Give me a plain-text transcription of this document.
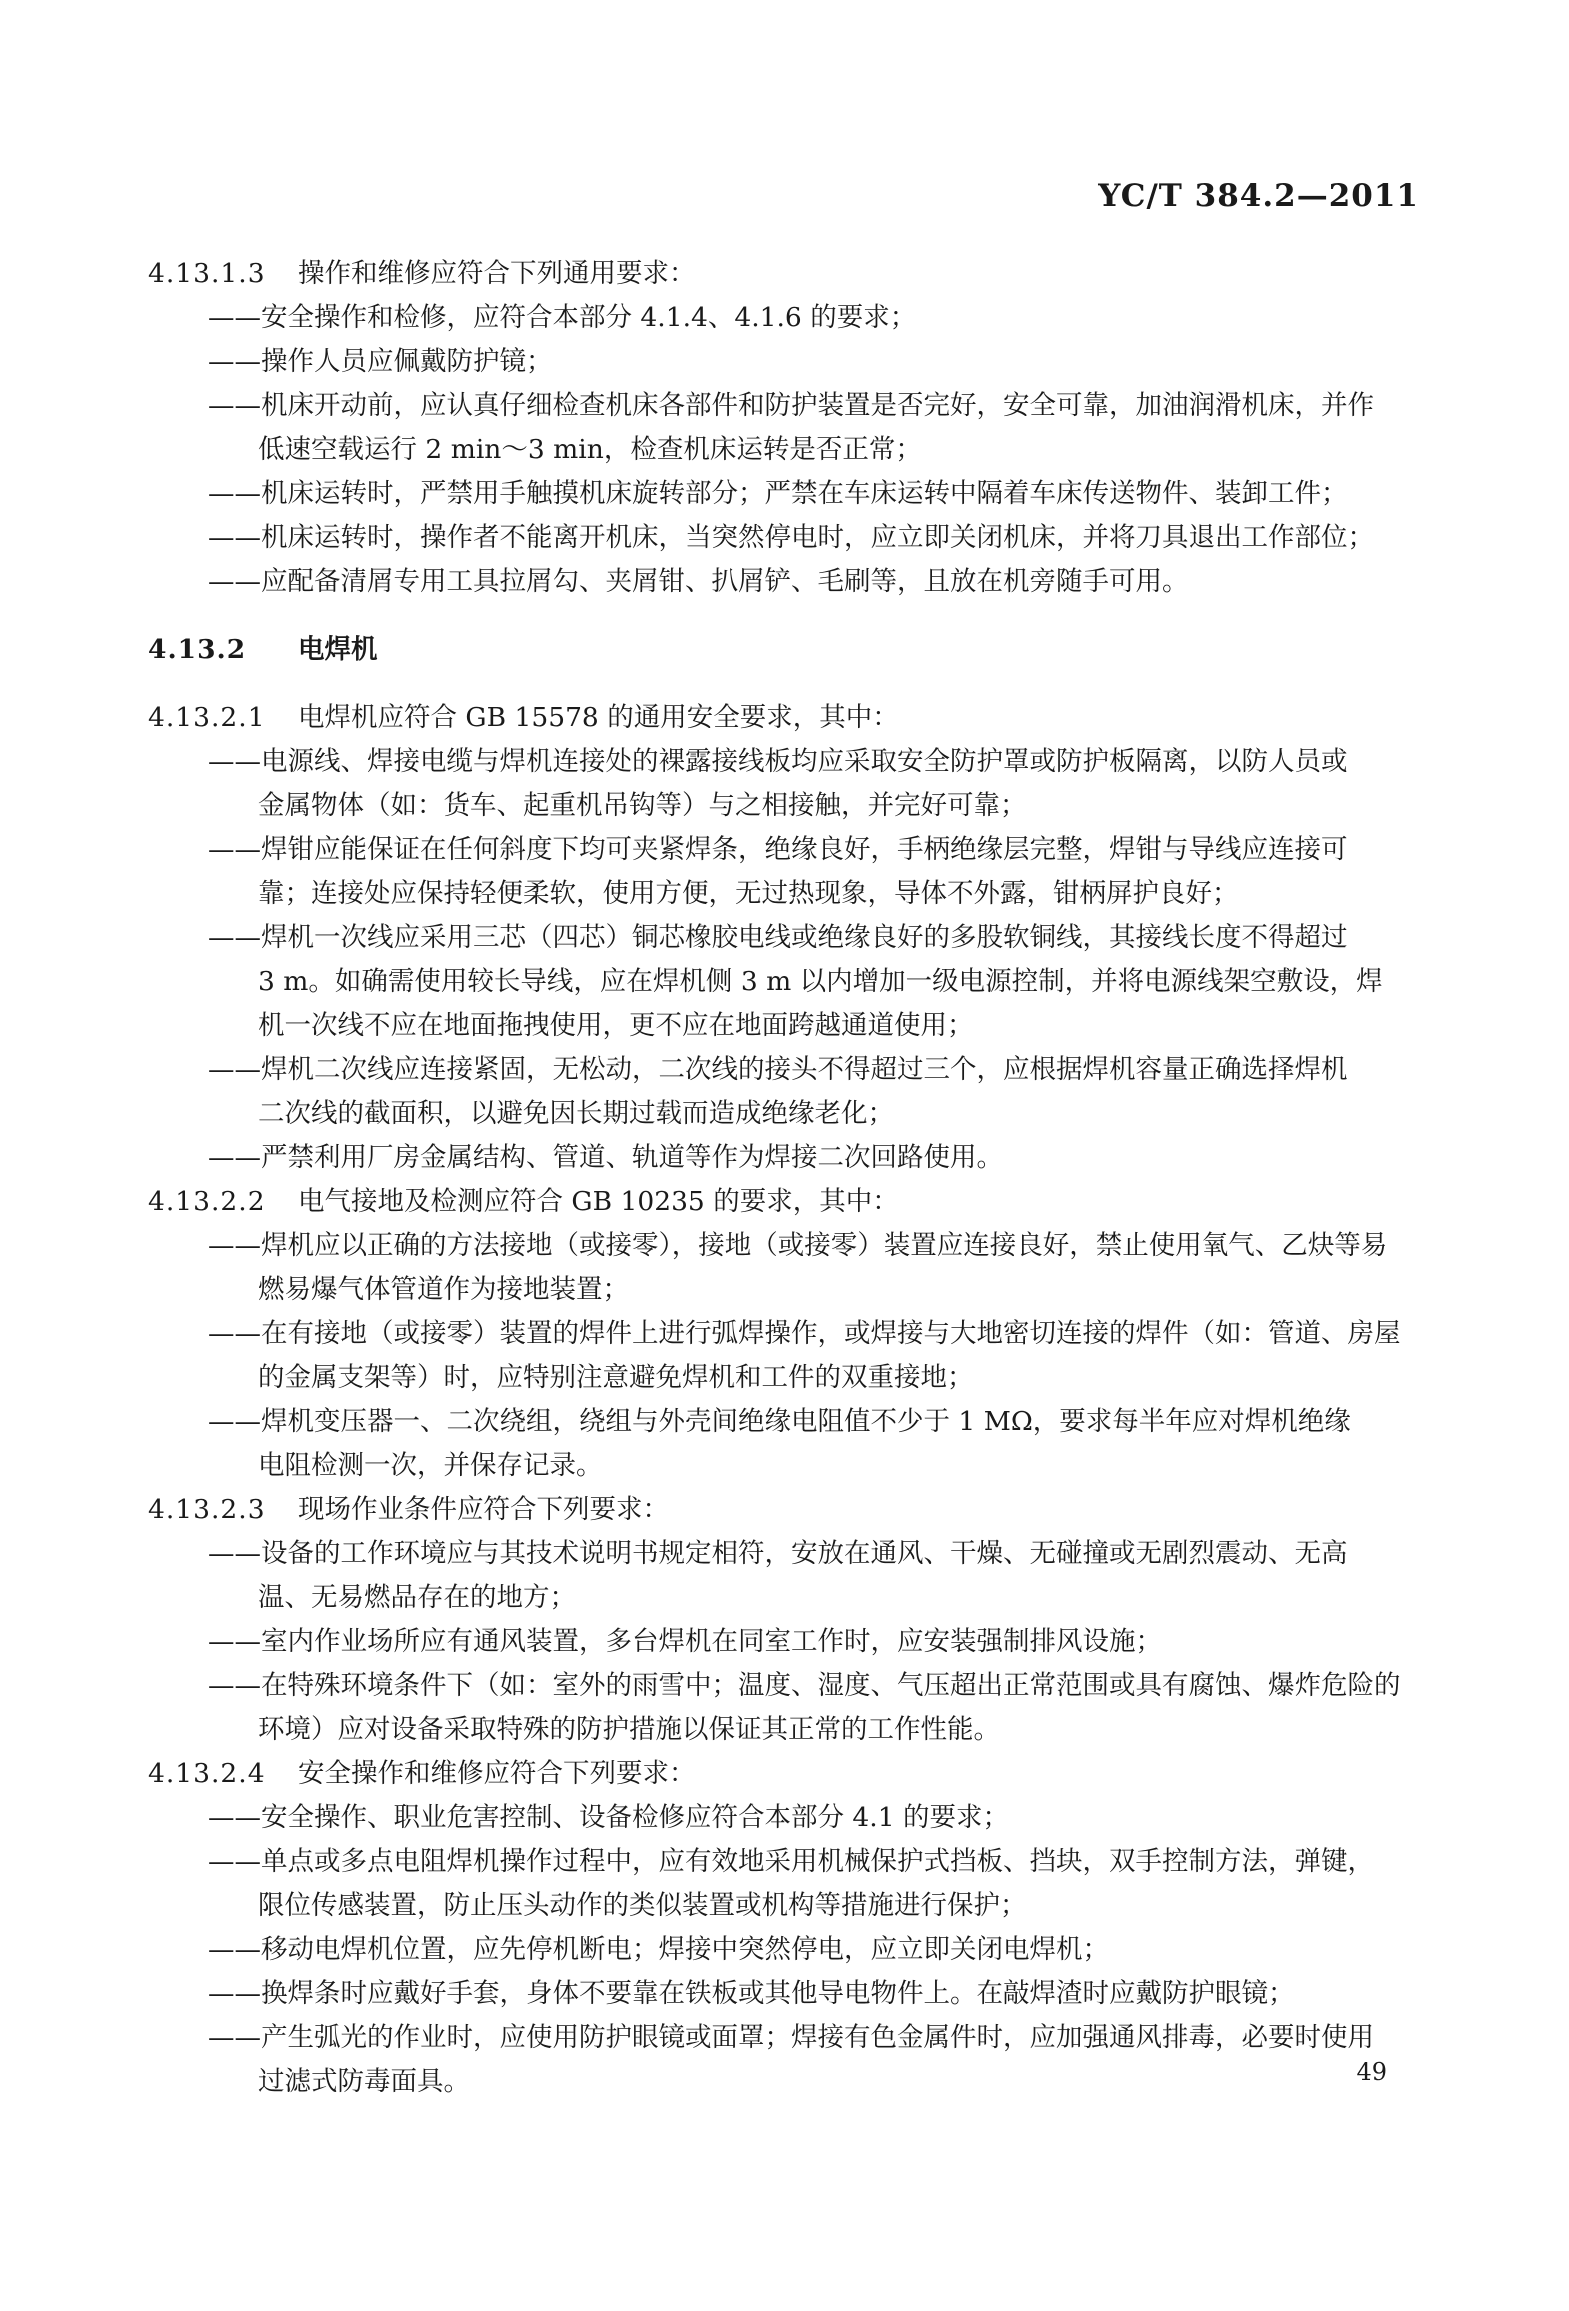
YC/T 384.2—2011
4.13.1.3 操作和维修应符合下列通用要求：
——安全操作和检修，应符合本部分 4.1.4、4.1.6 的要求；
——操作人员应佩戴防护镜；
——机床开动前，应认真仔细检查机床各部件和防护装置是否完好，安全可靠，加油润滑机床，并作
低速空载运行 2 min～3 min，检查机床运转是否正常；
——机床运转时，严禁用手触摸机床旋转部分；严禁在车床运转中隔着车床传送物件、装卸工件；
——机床运转时，操作者不能离开机床，当突然停电时，应立即关闭机床，并将刀具退出工作部位；
——应配备清屑专用工具拉屑勾、夹屑钳、扒屑铲、毛刷等，且放在机旁随手可用。
4.13.2 电焊机
4.13.2.1 电焊机应符合 GB 15578 的通用安全要求，其中：
——电源线、焊接电缆与焊机连接处的裸露接线板均应采取安全防护罩或防护板隔离，以防人员或
金属物体（如：货车、起重机吊钩等）与之相接触，并完好可靠；
——焊钳应能保证在任何斜度下均可夹紧焊条，绝缘良好，手柄绝缘层完整，焊钳与导线应连接可
靠；连接处应保持轻便柔软，使用方便，无过热现象，导体不外露，钳柄屏护良好；
——焊机一次线应采用三芯（四芯）铜芯橡胶电线或绝缘良好的多股软铜线，其接线长度不得超过
3 m。如确需使用较长导线，应在焊机侧 3 m 以内增加一级电源控制，并将电源线架空敷设，焊
机一次线不应在地面拖拽使用，更不应在地面跨越通道使用；
——焊机二次线应连接紧固，无松动，二次线的接头不得超过三个，应根据焊机容量正确选择焊机
二次线的截面积，以避免因长期过载而造成绝缘老化；
——严禁利用厂房金属结构、管道、轨道等作为焊接二次回路使用。
4.13.2.2 电气接地及检测应符合 GB 10235 的要求，其中：
——焊机应以正确的方法接地（或接零），接地（或接零）装置应连接良好，禁止使用氧气、乙炔等易
燃易爆气体管道作为接地装置；
——在有接地（或接零）装置的焊件上进行弧焊操作，或焊接与大地密切连接的焊件（如：管道、房屋
的金属支架等）时，应特别注意避免焊机和工件的双重接地；
——焊机变压器一、二次绕组，绕组与外壳间绝缘电阻值不少于 1 MΩ，要求每半年应对焊机绝缘
电阻检测一次，并保存记录。
4.13.2.3 现场作业条件应符合下列要求：
——设备的工作环境应与其技术说明书规定相符，安放在通风、干燥、无碰撞或无剧烈震动、无高
温、无易燃品存在的地方；
——室内作业场所应有通风装置，多台焊机在同室工作时，应安装强制排风设施；
——在特殊环境条件下（如：室外的雨雪中；温度、湿度、气压超出正常范围或具有腐蚀、爆炸危险的
环境）应对设备采取特殊的防护措施以保证其正常的工作性能。
4.13.2.4 安全操作和维修应符合下列要求：
——安全操作、职业危害控制、设备检修应符合本部分 4.1 的要求；
——单点或多点电阻焊机操作过程中，应有效地采用机械保护式挡板、挡块，双手控制方法，弹键，
限位传感装置，防止压头动作的类似装置或机构等措施进行保护；
——移动电焊机位置，应先停机断电；焊接中突然停电，应立即关闭电焊机；
——换焊条时应戴好手套，身体不要靠在铁板或其他导电物件上。在敲焊渣时应戴防护眼镜；
——产生弧光的作业时，应使用防护眼镜或面罩；焊接有色金属件时，应加强通风排毒，必要时使用
过滤式防毒面具。	49
